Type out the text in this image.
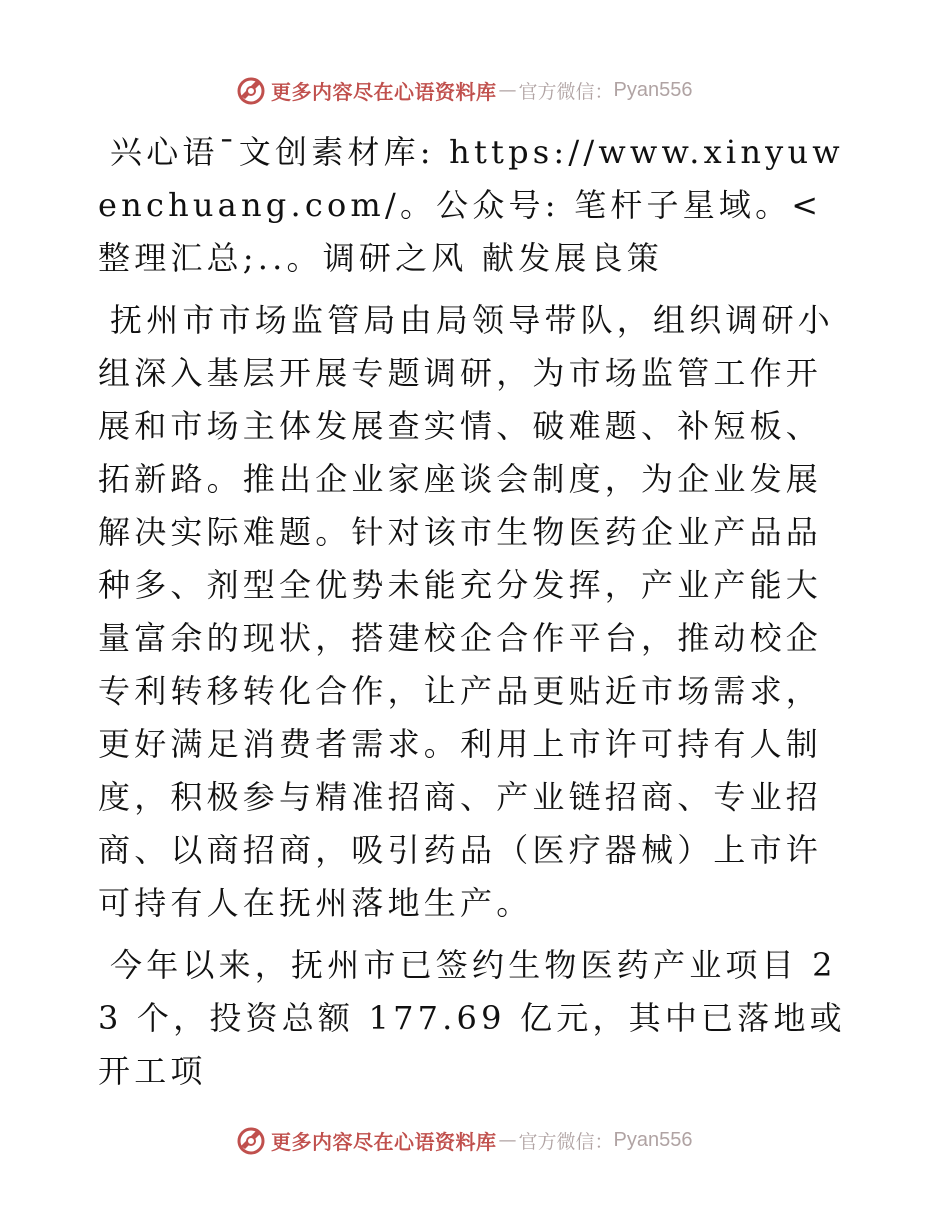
更多内容尽在心语资料库 — 官方微信： Pyan556

兴心语¯文创素材库: https://www.xinyuwenchuang.com/。公众号: 笔杆子星域。<整理汇总;..。调研之风 献发展良策

抚州市市场监管局由局领导带队，组织调研小组深入基层开展专题调研，为市场监管工作开展和市场主体发展查实情、破难题、补短板、拓新路。推出企业家座谈会制度，为企业发展解决实际难题。针对该市生物医药企业产品品种多、剂型全优势未能充分发挥，产业产能大量富余的现状，搭建校企合作平台，推动校企专利转移转化合作，让产品更贴近市场需求，更好满足消费者需求。利用上市许可持有人制度，积极参与精准招商、产业链招商、专业招商、以商招商，吸引药品（医疗器械）上市许可持有人在抚州落地生产。

今年以来，抚州市已签约生物医药产业项目 23 个，投资总额 177.69 亿元，其中已落地或开工项

更多内容尽在心语资料库 — 官方微信： Pyan556
